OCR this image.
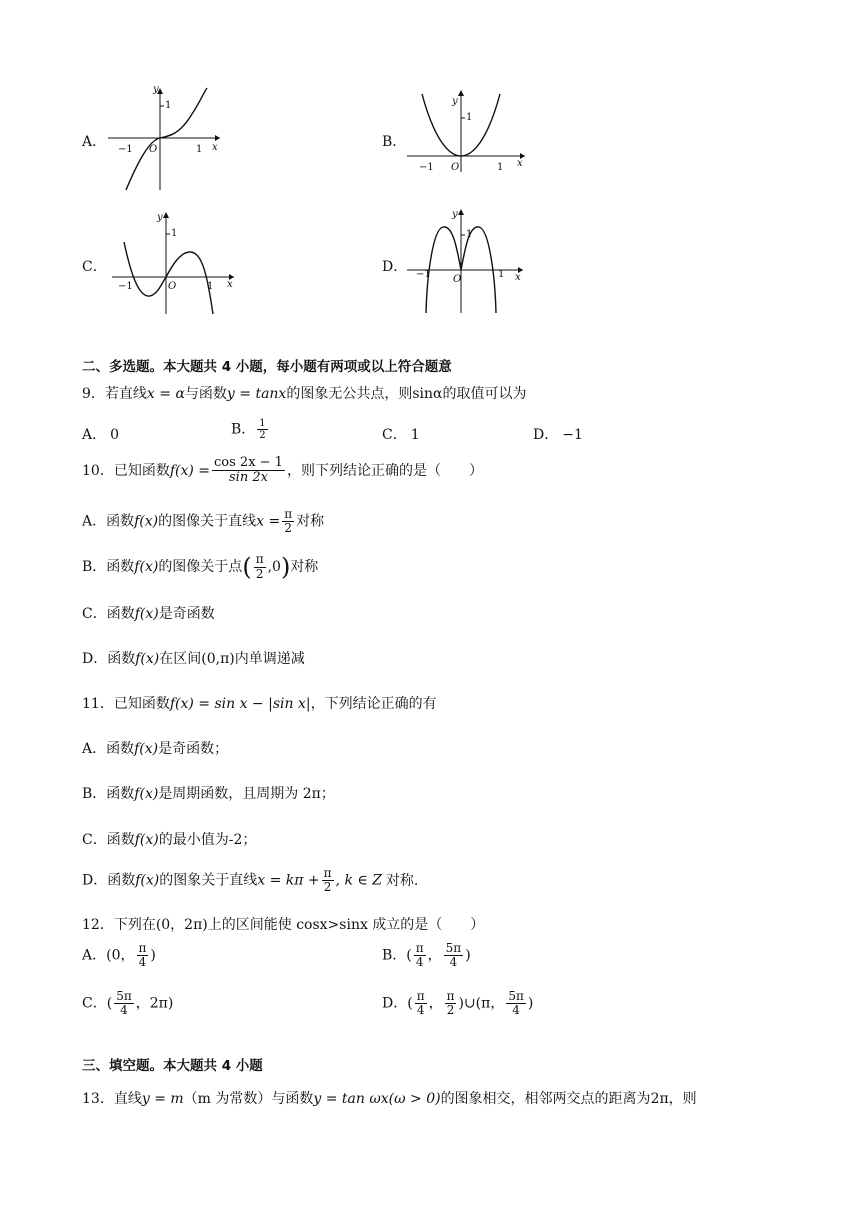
A．
y
1
−1 O	1 x	B．
y
1
−1 O	1 x
C．
y
1
−1	O	1 x
D．
y
1
−1 O	1 x
二、多选题。本大题共 4 小题，每小题有两项或以上符合题意
9．若直线x = α与函数y = tanx的图象无公共点，则sinα的取值可以为
A． 0	B． $\frac{1}{2}$	C． 1	D． −1
10．已知函数$f(x) = \frac{\cos 2x - 1}{\sin 2x}$ ，则下列结论正确的是（　　）
A．函数f(x)的图像关于直线$x = \frac{\pi}{2}$ 对称
B．函数f(x)的图像关于点( $\frac{\pi}{2} ,0$)对称
C．函数f(x)是奇函数
D．函数f(x)在区间(0,π)内单调递减
11．已知函数f(x) = sin x − |sin x|，下列结论正确的有
A．函数f(x)是奇函数；
B．函数f(x)是周期函数，且周期为 2π；
C．函数f(x)的最小值为-2；
D．函数f(x)的图象关于直线$x = k\pi + \frac{\pi}{2}$ , k ∈ Z 对称.
12．下列在(0，2π)上的区间能使 cosx>sinx 成立的是（　　）
A．(0， $\frac{\pi}{4}$ )	B．( $\frac{\pi}{4}$ ， $\frac{5\pi}{4}$ )
C．( $\frac{5\pi}{4}$ ，2π)	D．( $\frac{\pi}{4}$ ， $\frac{\pi}{2}$ )∪(π， $\frac{5\pi}{4}$ )
三、填空题。本大题共 4 小题
13．直线y = m（m 为常数）与函数y = tan ωx(ω > 0)的图象相交，相邻两交点的距离为2π，则
